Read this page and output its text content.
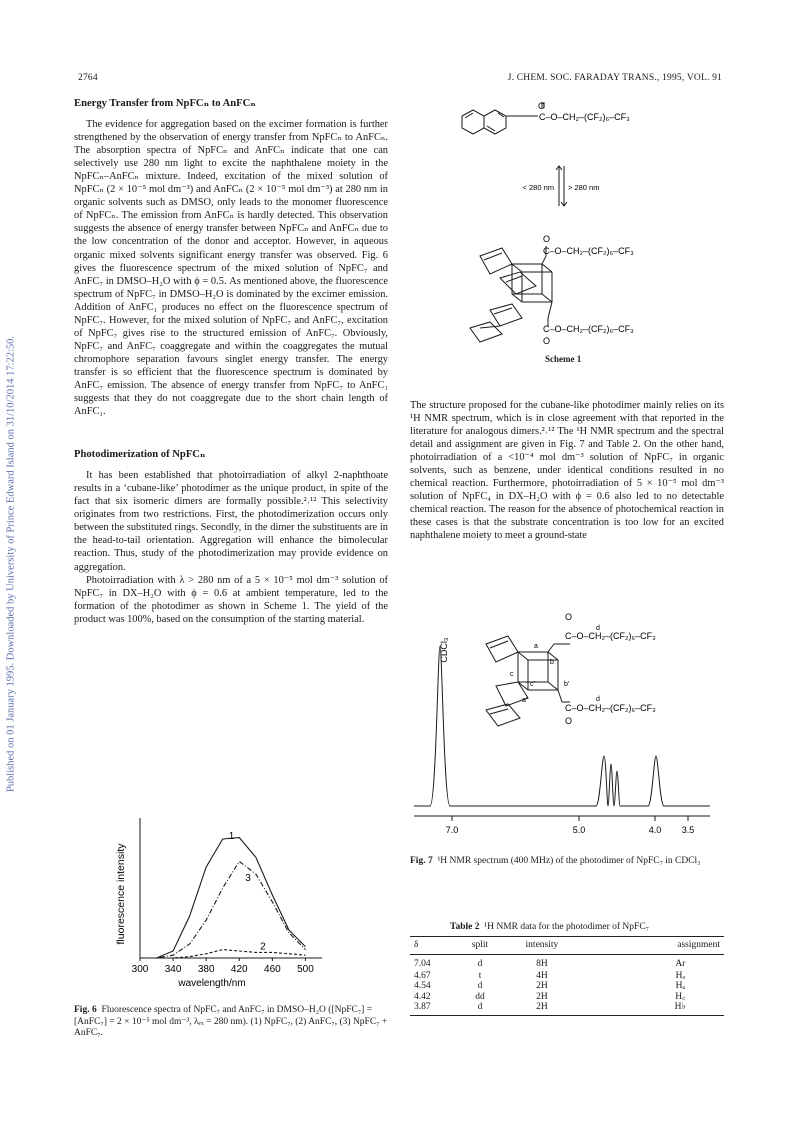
Published on 01 January 1995. Downloaded by University of Prince Edward Island on 31/10/2014 17:22:50.
2764	J. CHEM. SOC. FARADAY TRANS., 1995, VOL. 91
Energy Transfer from NpFCₙ to AnFCₙ

The evidence for aggregation based on the excimer formation is further strengthened by the observation of energy transfer from NpFCₙ to AnFCₙ. The absorption spectra of NpFCₙ and AnFCₙ indicate that one can selectively use 280 nm light to excite the naphthalene moiety in the NpFCₙ–AnFCₙ mixture. Indeed, excitation of the mixed solution of NpFCₙ (2 × 10⁻⁵ mol dm⁻³) and AnFCₙ (2 × 10⁻⁵ mol dm⁻³) at 280 nm in organic solvents such as DMSO, only leads to the monomer fluorescence of NpFCₙ. The emission from AnFCₙ is hardly detected. This observation suggests the absence of energy transfer between NpFCₙ and AnFCₙ due to the low concentration of the donor and acceptor. However, in aqueous organic mixed solvents significant energy transfer was observed. Fig. 6 gives the fluorescence spectrum of the mixed solution of NpFC₇ and AnFC₇ in DMSO–H₂O with ϕ = 0.5. As mentioned above, the fluorescence spectrum of NpFC₇ in DMSO–H₂O is dominated by the excimer emission. Addition of AnFC₁ produces no effect on the fluorescence spectrum of NpFC₇. However, for the mixed solution of NpFC₇ and AnFC₇, excitation of NpFC₇ gives rise to the structured emission of AnFC₇. Obviously, NpFC₇ and AnFC₇ coaggregate and within the coaggregates the mutual chromophore separation favours singlet energy transfer. The energy transfer is so efficient that the fluorescence spectrum is dominated by AnFC₇ emission. The absence of energy transfer from NpFC₇ to AnFC₁ suggests that they do not coaggregate due to the short chain length of AnFC₁.

Photodimerization of NpFCₙ

It has been established that photoirradiation of alkyl 2-naphthoate results in a ‘cubane-like’ photodimer as the unique product, in spite of the fact that six isomeric dimers are formally possible.²˒¹² This selectivity originates from two restrictions. First, the photodimerization occurs only between the substituted rings. Secondly, in the dimer the substituents are in the head-to-tail orientation. Aggregation will enhance the bimolecular reaction. Thus, study of the photodimerization may provide evidence on aggregation.

Photoirradiation with λ > 280 nm of a 5 × 10⁻⁵ mol dm⁻³ solution of NpFC₇ in DX–H₂O with ϕ = 0.6 at ambient temperature, led to the formation of the photodimer as shown in Scheme 1. The yield of the product was 100%, based on the consumption of the starting material.

300 340 380 420 460 500
1
2
3
fluorescence intensity
wavelength/nm
Fig. 6 Fluorescence spectra of NpFC₇ and AnFC₇ in DMSO–H₂O ([NpFC₇] = [AnFC₇] = 2 × 10⁻⁵ mol dm⁻³, λₑₓ = 280 nm). (1) NpFC₇, (2) AnFC₇, (3) NpFC₇ + AnFC₇.
O
C–O–CH₂–(CF₂)₆–CF₃
< 280 nm > 280 nm
O
C–O–CH₂–(CF₂)₆–CF₃
C–O–CH₂–(CF₂)₆–CF₃
O
Scheme 1

The structure proposed for the cubane-like photodimer mainly relies on its ¹H NMR spectrum, which is in close agreement with that reported in the literature for analogous dimers.²˒¹² The ¹H NMR spectrum and the spectral detail and assignment are given in Fig. 7 and Table 2. On the other hand, photoirradiation of a <10⁻⁴ mol dm⁻³ solution of NpFC₇ in organic solvents, such as benzene, under identical conditions resulted in no chemical reaction. Furthermore, photoirradiation of 5 × 10⁻⁵ mol dm⁻³ solution of NpFC₄ in DX–H₂O with ϕ = 0.6 also led to no detectable chemical reaction. The reason for the absence of photochemical reaction in these cases is that the substrate concentration is too low for an excited naphthalene moiety to meet a ground-state

CDCl₃
7.0	5.0	4.0 3.5
O
C–O–CH₂–(CF₂)₆–CF₃
C–O–CH₂–(CF₂)₆–CF₃
O
a
b
b′
c
c′
a′
d
d
Fig. 7 ¹H NMR spectrum (400 MHz) of the photodimer of NpFC₇ in CDCl₃
Table 2 ¹H NMR data for the photodimer of NpFC₇
δ	split	intensity	assignment
7.04	d	8H	Ar
4.67	t	4H	Hₔ
4.54	d	2H	Hₐ
4.42	dd	2H	H꜀
3.87	d	2H	H♭
